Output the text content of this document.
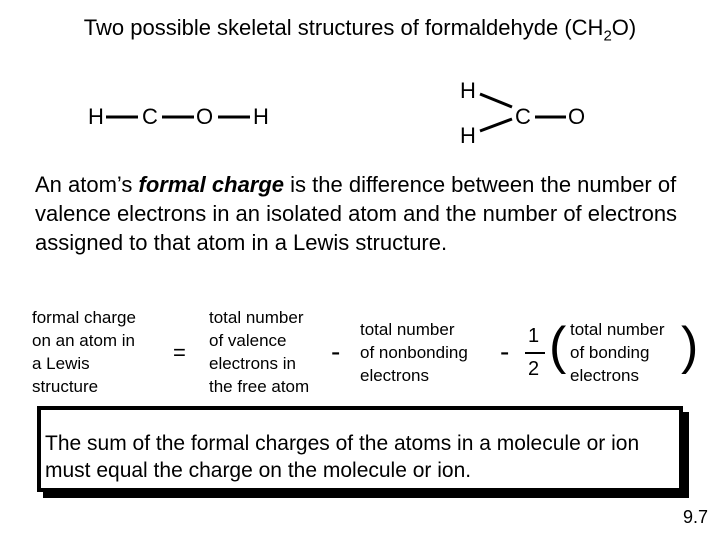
Two possible skeletal structures of formaldehyde $(CH_2O)$
H C O H
H
H
C O
An atom’s formal charge is the difference between the number of valence electrons in an isolated atom and the number of electrons assigned to that atom in a Lewis structure.
formal charge
on an atom in
a Lewis
structure
=
total number
of valence
electrons in
the free atom
-
total number
of nonbonding
electrons
- 1
2 ( total number
of bonding
electrons
)
The sum of the formal charges of the atoms in a molecule or ion must equal the charge on the molecule or ion.
9.7
